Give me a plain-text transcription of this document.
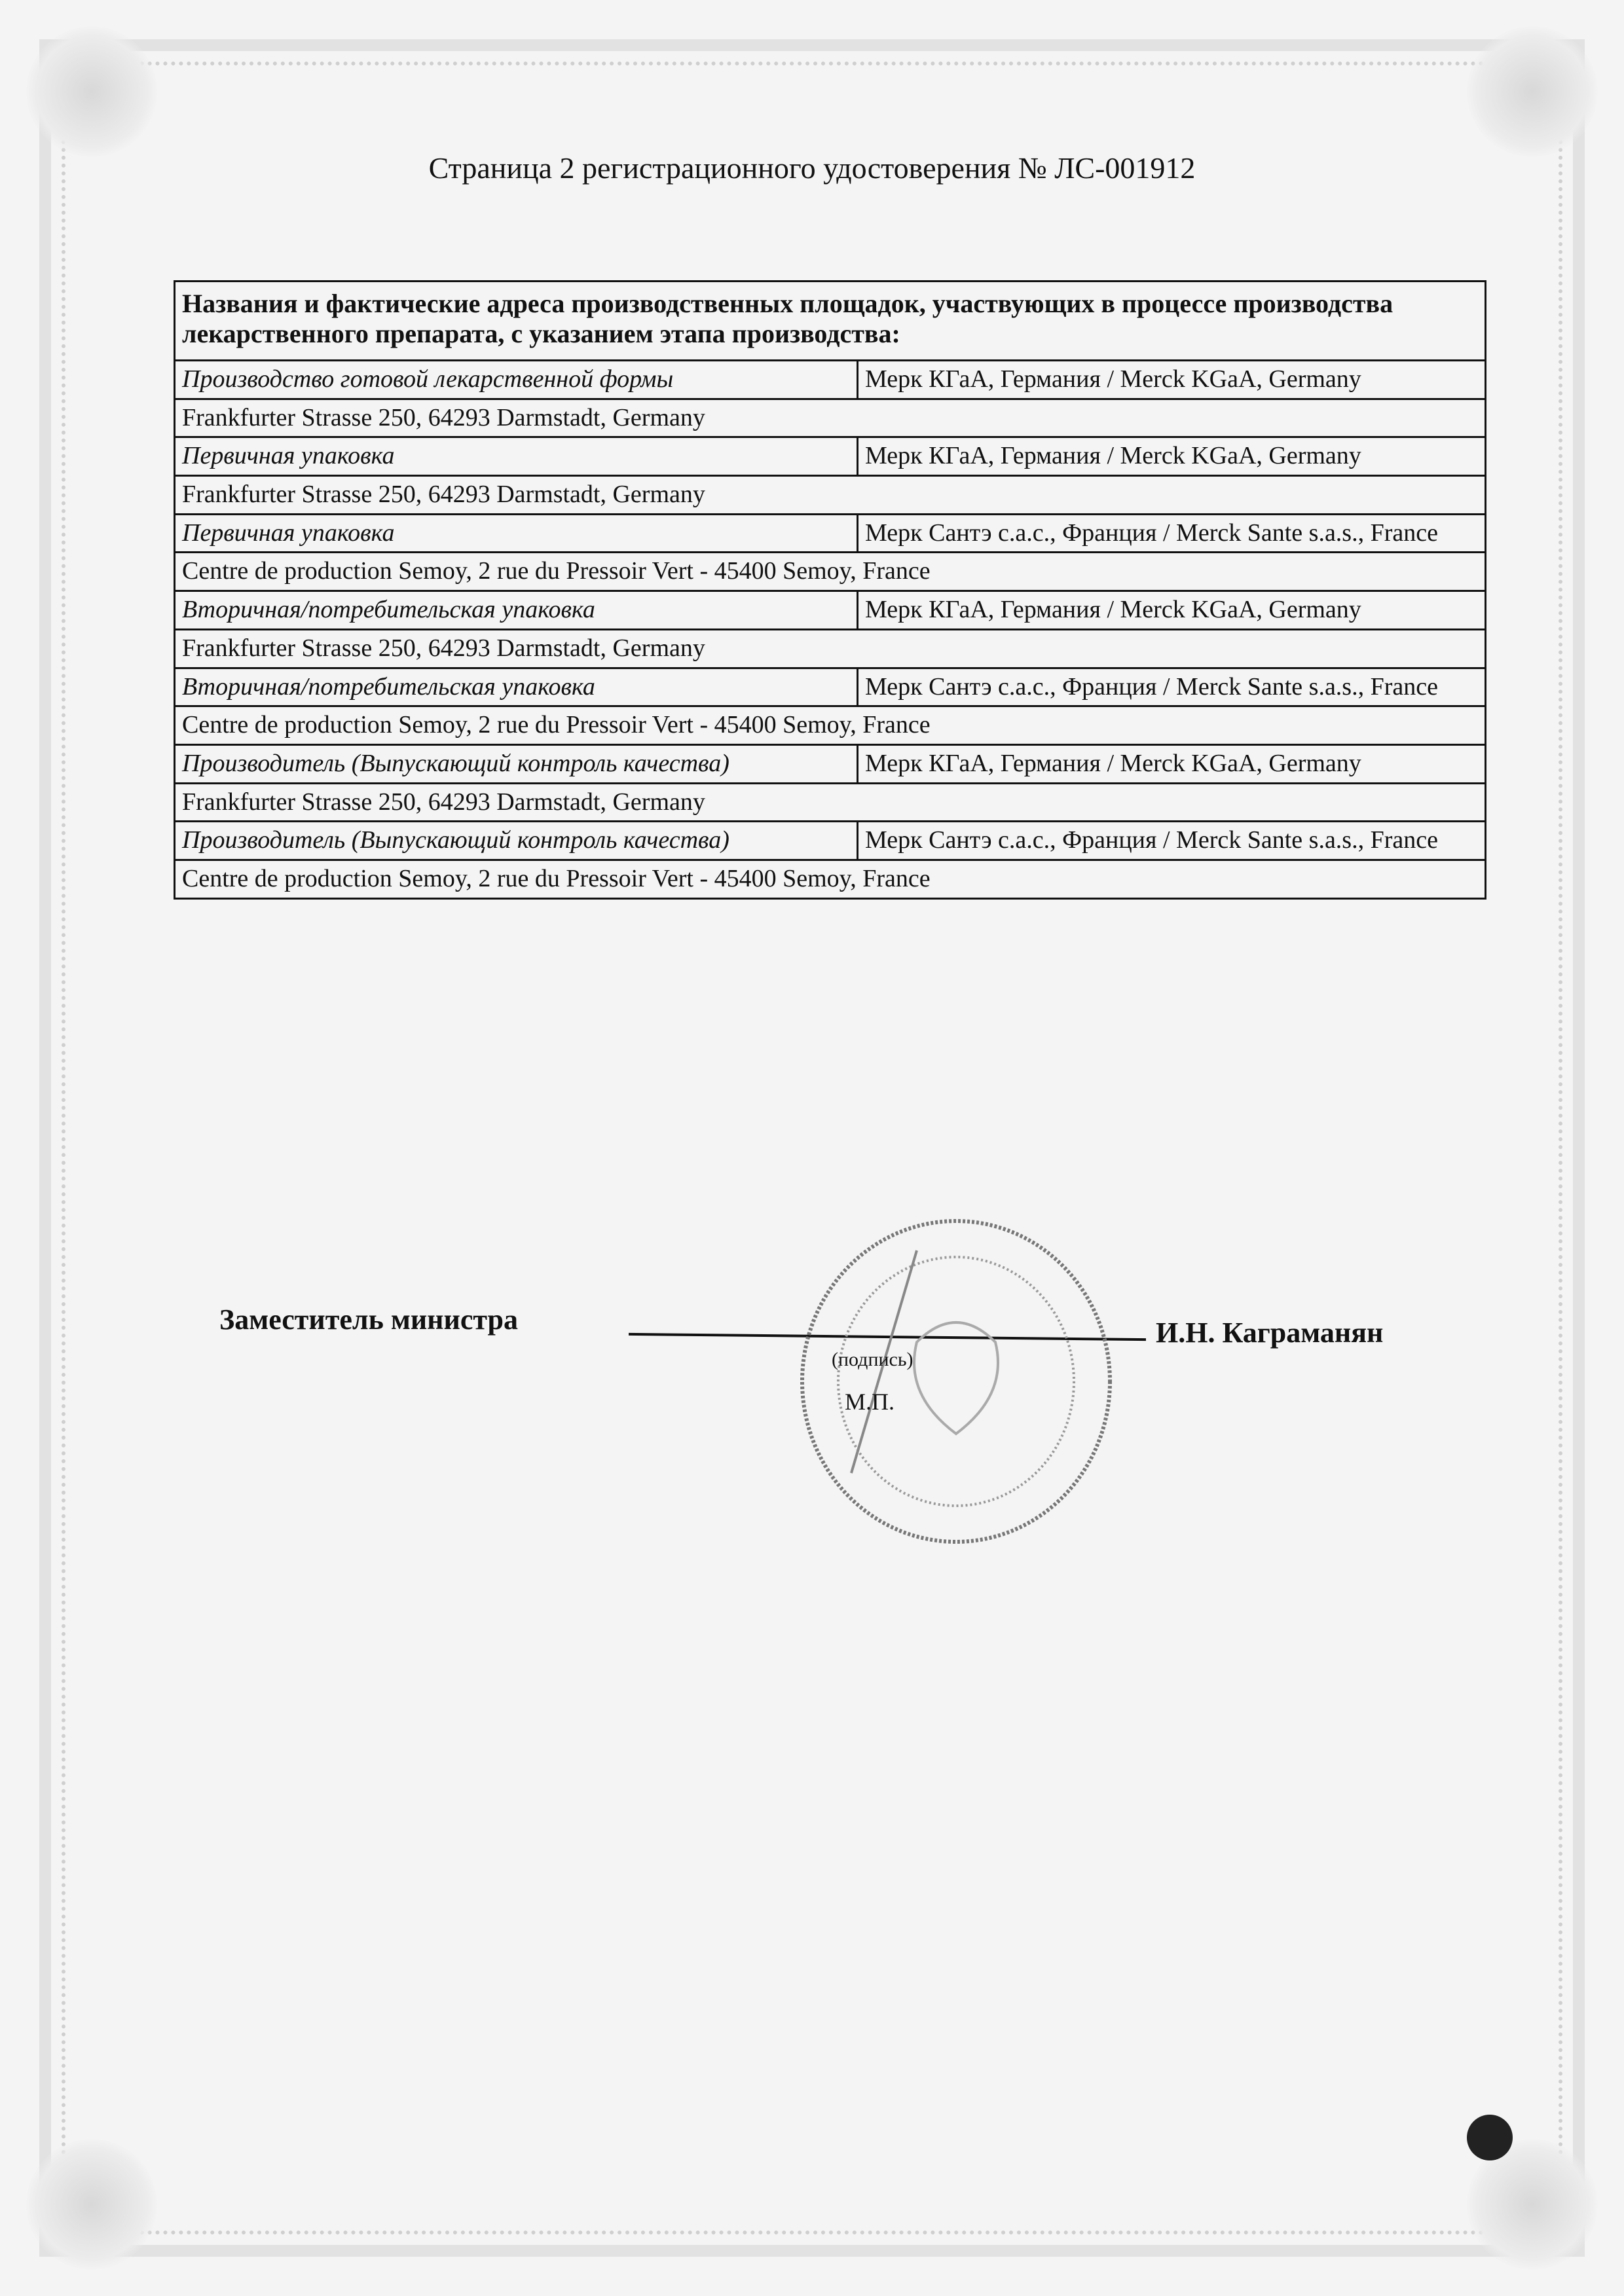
Страница 2 регистрационного удостоверения № ЛС-001912
Названия и фактические адреса производственных площадок, участвующих в процессе производства лекарственного препарата, с указанием этапа производства:	
Производство готовой лекарственной формы	Мерк КГаА, Германия / Merck KGaA, Germany
Frankfurter Strasse 250, 64293 Darmstadt, Germany	
Первичная упаковка	Мерк КГаА, Германия / Merck KGaA, Germany
Frankfurter Strasse 250, 64293 Darmstadt, Germany	
Первичная упаковка	Мерк Сантэ с.а.с., Франция / Merck Sante s.a.s., France
Centre de production Semoy, 2 rue du Pressoir Vert - 45400 Semoy, France	
Вторичная/потребительская упаковка	Мерк КГаА, Германия / Merck KGaA, Germany
Frankfurter Strasse 250, 64293 Darmstadt, Germany	
Вторичная/потребительская упаковка	Мерк Сантэ с.а.с., Франция / Merck Sante s.a.s., France
Centre de production Semoy, 2 rue du Pressoir Vert - 45400 Semoy, France	
Производитель (Выпускающий контроль качества)	Мерк КГаА, Германия / Merck KGaA, Germany
Frankfurter Strasse 250, 64293 Darmstadt, Germany	
Производитель (Выпускающий контроль качества)	Мерк Сантэ с.а.с., Франция / Merck Sante s.a.s., France
Centre de production Semoy, 2 rue du Pressoir Vert - 45400 Semoy, France	
Заместитель министра	И.Н. Каграманян
(подпись)
М.П.
